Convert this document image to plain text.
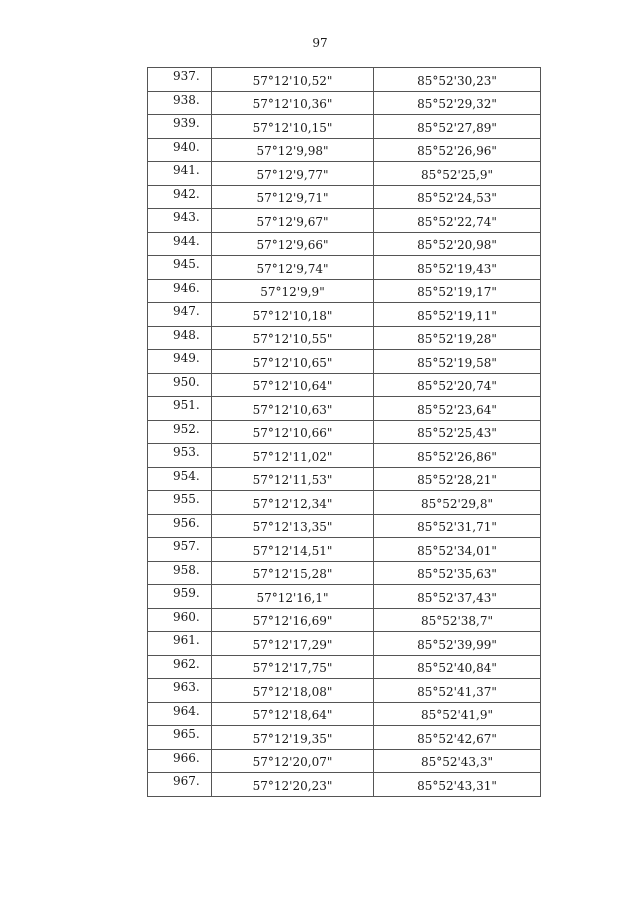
97
937.	57°12'10,52"	85°52'30,23"
938.	57°12'10,36"	85°52'29,32"
939.	57°12'10,15"	85°52'27,89"
940.	57°12'9,98"	85°52'26,96"
941.	57°12'9,77"	85°52'25,9"
942.	57°12'9,71"	85°52'24,53"
943.	57°12'9,67"	85°52'22,74"
944.	57°12'9,66"	85°52'20,98"
945.	57°12'9,74"	85°52'19,43"
946.	57°12'9,9"	85°52'19,17"
947.	57°12'10,18"	85°52'19,11"
948.	57°12'10,55"	85°52'19,28"
949.	57°12'10,65"	85°52'19,58"
950.	57°12'10,64"	85°52'20,74"
951.	57°12'10,63"	85°52'23,64"
952.	57°12'10,66"	85°52'25,43"
953.	57°12'11,02"	85°52'26,86"
954.	57°12'11,53"	85°52'28,21"
955.	57°12'12,34"	85°52'29,8"
956.	57°12'13,35"	85°52'31,71"
957.	57°12'14,51"	85°52'34,01"
958.	57°12'15,28"	85°52'35,63"
959.	57°12'16,1"	85°52'37,43"
960.	57°12'16,69"	85°52'38,7"
961.	57°12'17,29"	85°52'39,99"
962.	57°12'17,75"	85°52'40,84"
963.	57°12'18,08"	85°52'41,37"
964.	57°12'18,64"	85°52'41,9"
965.	57°12'19,35"	85°52'42,67"
966.	57°12'20,07"	85°52'43,3"
967.	57°12'20,23"	85°52'43,31"
